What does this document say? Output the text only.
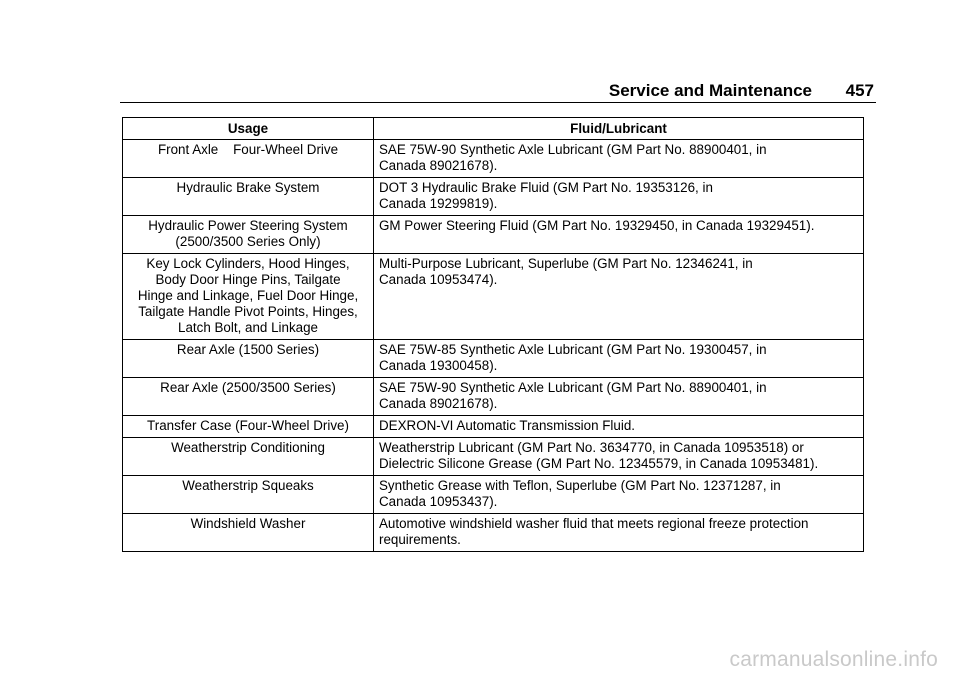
Service and Maintenance 457
Usage	Fluid/Lubricant

Front Axle    Four-Wheel Drive	SAE 75W-90 Synthetic Axle Lubricant (GM Part No. 88900401, in
Canada 89021678).

Hydraulic Brake System	DOT 3 Hydraulic Brake Fluid (GM Part No. 19353126, in
Canada 19299819).

Hydraulic Power Steering System
(2500/3500 Series Only)	GM Power Steering Fluid (GM Part No. 19329450, in Canada 19329451).

Key Lock Cylinders, Hood Hinges,
Body Door Hinge Pins, Tailgate
Hinge and Linkage, Fuel Door Hinge,
Tailgate Handle Pivot Points, Hinges,
Latch Bolt, and Linkage	Multi-Purpose Lubricant, Superlube (GM Part No. 12346241, in
Canada 10953474).

Rear Axle (1500 Series)	SAE 75W-85 Synthetic Axle Lubricant (GM Part No. 19300457, in
Canada 19300458).

Rear Axle (2500/3500 Series)	SAE 75W-90 Synthetic Axle Lubricant (GM Part No. 88900401, in
Canada 89021678).

Transfer Case (Four-Wheel Drive)	DEXRON-VI Automatic Transmission Fluid.

Weatherstrip Conditioning	Weatherstrip Lubricant (GM Part No. 3634770, in Canada 10953518) or
Dielectric Silicone Grease (GM Part No. 12345579, in Canada 10953481).

Weatherstrip Squeaks	Synthetic Grease with Teflon, Superlube (GM Part No. 12371287, in
Canada 10953437).

Windshield Washer	Automotive windshield washer fluid that meets regional freeze protection
requirements.
carmanualsonline.info
